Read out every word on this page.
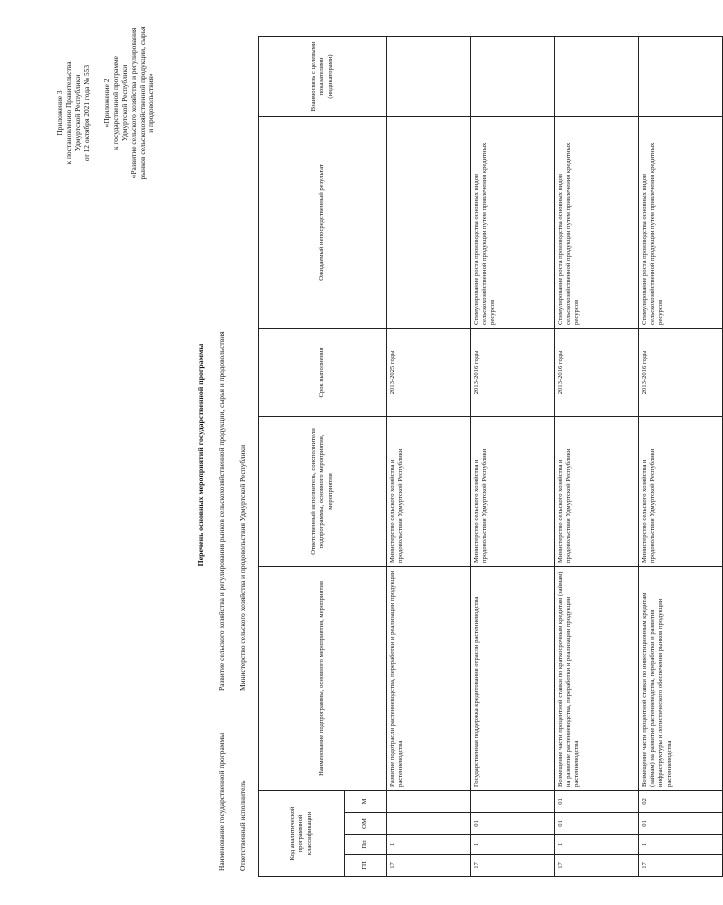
Приложение 3
к постановлению Правительства
Удмуртской Республики
от 12 октября 2021 года № 553
«Приложение 2
к государственной программе
Удмуртской Республики
«Развитие сельского хозяйства и регулирования
рынков сельскохозяйственной продукции, сырья
и продовольствия»
Перечень основных мероприятий государственной программы
Наименование государственной программы
Развитие сельского хозяйства и регулирования рынков сельскохозяйственной продукции, сырья и продовольствия
Ответственный исполнитель
Министерство сельского хозяйства и продовольствия Удмуртской Республики
Код аналитической программной классификации				Наименование подпрограммы, основного мероприятия, мероприятия	Ответственный исполнитель, соисполнители подпрограммы, основного мероприятия, мероприятия	Срок выполнения	Ожидаемый непосредственный результат	Взаимосвязь с целевыми показателями (индикаторами)
ГП	Пп	ОМ	М					
17	1			Развитие подотрасли растениеводства, переработки и реализации продукции растениеводства	Министерство сельского хозяйства и продовольствия Удмуртской Республики	2013-2025 годы		
17	1	01		Государственная поддержка кредитования отрасли растениеводства	Министерство сельского хозяйства и продовольствия Удмуртской Республики	2013-2016 годы	Стимулирование роста производства основных видов сельскохозяйственной продукции путем привлечения кредитных ресурсов	
17	1	01	01	Возмещение части процентной ставки по краткосрочным кредитам (займам) на развитие растениеводства, переработки и реализации продукции растениеводства	Министерство сельского хозяйства и продовольствия Удмуртской Республики	2013-2016 годы	Стимулирование роста производства основных видов сельскохозяйственной продукции путем привлечения кредитных ресурсов	
17	1	01	02	Возмещение части процентной ставки по инвестиционным кредитам (займам) на развитие растениеводства, переработки и развития инфраструктуры и логистического обеспечения рынков продукции растениеводства	Министерство сельского хозяйства и продовольствия Удмуртской Республики	2013-2016 годы	Стимулирование роста производства основных видов сельскохозяйственной продукции путем привлечения кредитных ресурсов	
